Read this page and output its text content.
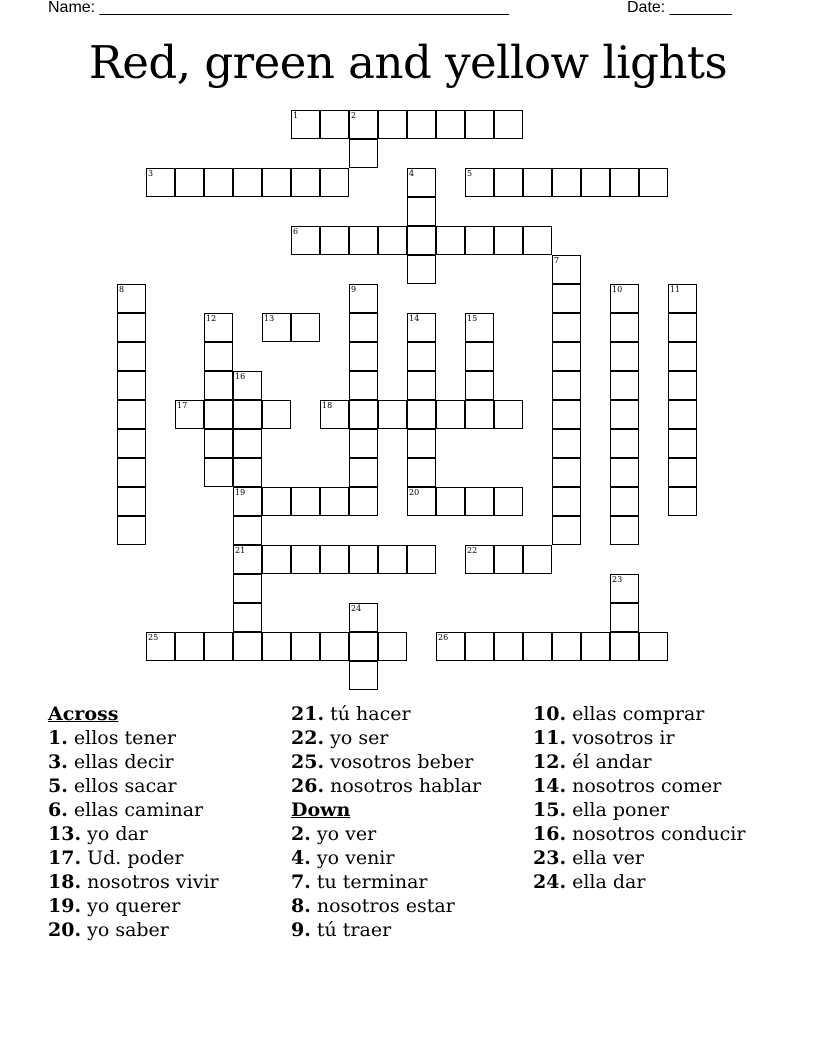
Name: ______________________________________________	Date: _______
Red, green and yellow lights
1	2
3	5
6
13
17	18
19	20
21	22
25	26
4
7
8	9	10	11
12	14	15
16
23
24
Across
1. ellos tener
3. ellas decir
5. ellos sacar
6. ellas caminar
13. yo dar
17. Ud. poder
18. nosotros vivir
19. yo querer
20. yo saber
21. tú hacer
22. yo ser
25. vosotros beber
26. nosotros hablar
Down
2. yo ver
4. yo venir
7. tu terminar
8. nosotros estar
9. tú traer
10. ellas comprar
11. vosotros ir
12. él andar
14. nosotros comer
15. ella poner
16. nosotros conducir
23. ella ver
24. ella dar
